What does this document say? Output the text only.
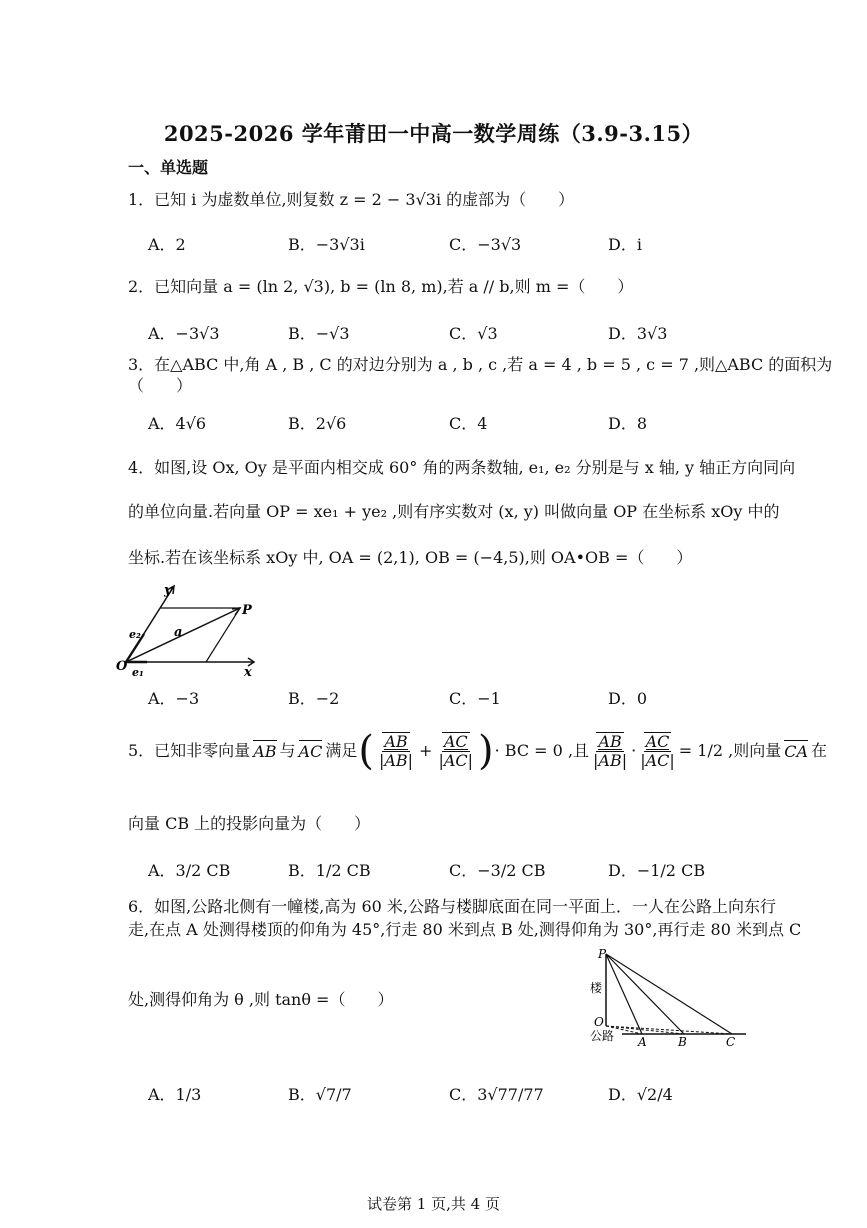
2025-2026 学年莆田一中高一数学周练（3.9-3.15）
一、单选题
1．已知 i 为虚数单位,则复数 z = 2 − 3√3i 的虚部为（　　）
A．2	B．−3√3i	C．−3√3	D．i
2．已知向量 a = (ln 2, √3), b = (ln 8, m),若 a // b,则 m =（　　）
A．−3√3	B．−√3	C．√3	D．3√3
3．在△ABC 中,角 A , B , C 的对边分别为 a , b , c ,若 a = 4 , b = 5 , c = 7 ,则△ABC 的面积为
（　　）
A．4√6	B．2√6	C．4	D．8
4．如图,设 Ox, Oy 是平面内相交成 60° 角的两条数轴, e₁, e₂ 分别是与 x 轴, y 轴正方向同向
的单位向量.若向量 OP = xe₁ + ye₂ ,则有序实数对 (x, y) 叫做向量 OP 在坐标系 xOy 中的
坐标.若在该坐标系 xOy 中, OA = (2,1), OB = (−4,5),则 OA•OB =（　　）
y
x
O
P
a
e₁
e₂
A．−3	B．−2	C．−1	D．0
5．已知非零向量 AB 与 AC 满足 ( $\frac{AB}{|AB|} + \frac{AC}{|AC|}$ ) · BC = 0 ,且 $\frac{AB}{|AB|} \cdot \frac{AC}{|AC|} = 1/2$ ,则向量 CA 在
向量 CB 上的投影向量为（　　）
A．3/2 CB	B．1/2 CB	C．−3/2 CB	D．−1/2 CB
6．如图,公路北侧有一幢楼,高为 60 米,公路与楼脚底面在同一平面上．一人在公路上向东行
走,在点 A 处测得楼顶的仰角为 45°,行走 80 米到点 B 处,测得仰角为 30°,再行走 80 米到点 C
处,测得仰角为 θ ,则 tanθ =（　　）
P
楼
O
公路 A	B	C
A．1/3	B．√7/7	C．3√77/77	D．√2/4
试卷第 1 页,共 4 页
